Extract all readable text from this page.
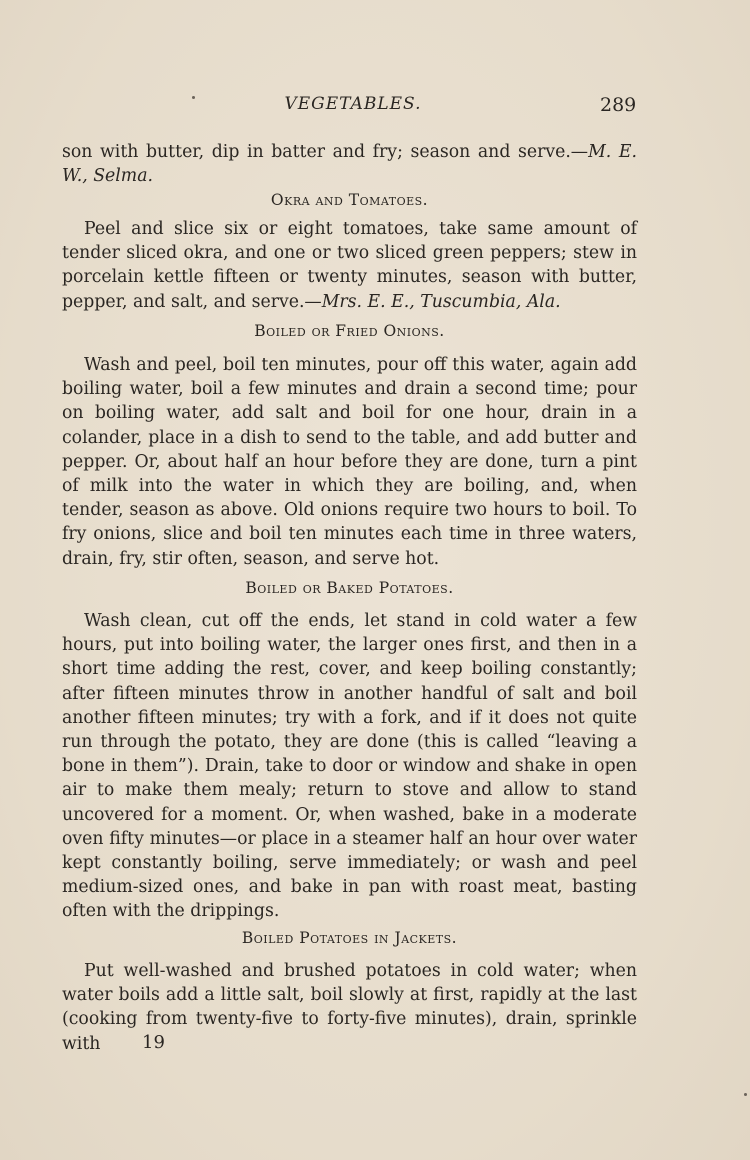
VEGETABLES.	289
son with butter, dip in batter and fry; season and serve.—M. E. W., Selma.
Okra and Tomatoes.
Peel and slice six or eight tomatoes, take same amount of tender sliced okra, and one or two sliced green peppers; stew in porcelain kettle fifteen or twenty minutes, season with butter, pepper, and salt, and serve.—Mrs. E. E., Tuscumbia, Ala.
Boiled or Fried Onions.
Wash and peel, boil ten minutes, pour off this water, again add boiling water, boil a few minutes and drain a second time; pour on boiling water, add salt and boil for one hour, drain in a colander, place in a dish to send to the table, and add butter and pepper. Or, about half an hour before they are done, turn a pint of milk into the water in which they are boiling, and, when tender, season as above. Old onions require two hours to boil. To fry onions, slice and boil ten minutes each time in three waters, drain, fry, stir often, season, and serve hot.
Boiled or Baked Potatoes.
Wash clean, cut off the ends, let stand in cold water a few hours, put into boiling water, the larger ones first, and then in a short time adding the rest, cover, and keep boiling constantly; after fifteen minutes throw in another handful of salt and boil another fifteen minutes; try with a fork, and if it does not quite run through the potato, they are done (this is called “leaving a bone in them”). Drain, take to door or window and shake in open air to make them mealy; return to stove and allow to stand uncovered for a moment. Or, when washed, bake in a moderate oven fifty minutes—or place in a steamer half an hour over water kept constantly boiling, serve immediately; or wash and peel medium-sized ones, and bake in pan with roast meat, basting often with the drippings.
Boiled Potatoes in Jackets.
Put well-washed and brushed potatoes in cold water; when water boils add a little salt, boil slowly at first, rapidly at the last (cooking from twenty-five to forty-five minutes), drain, sprinkle with	19
